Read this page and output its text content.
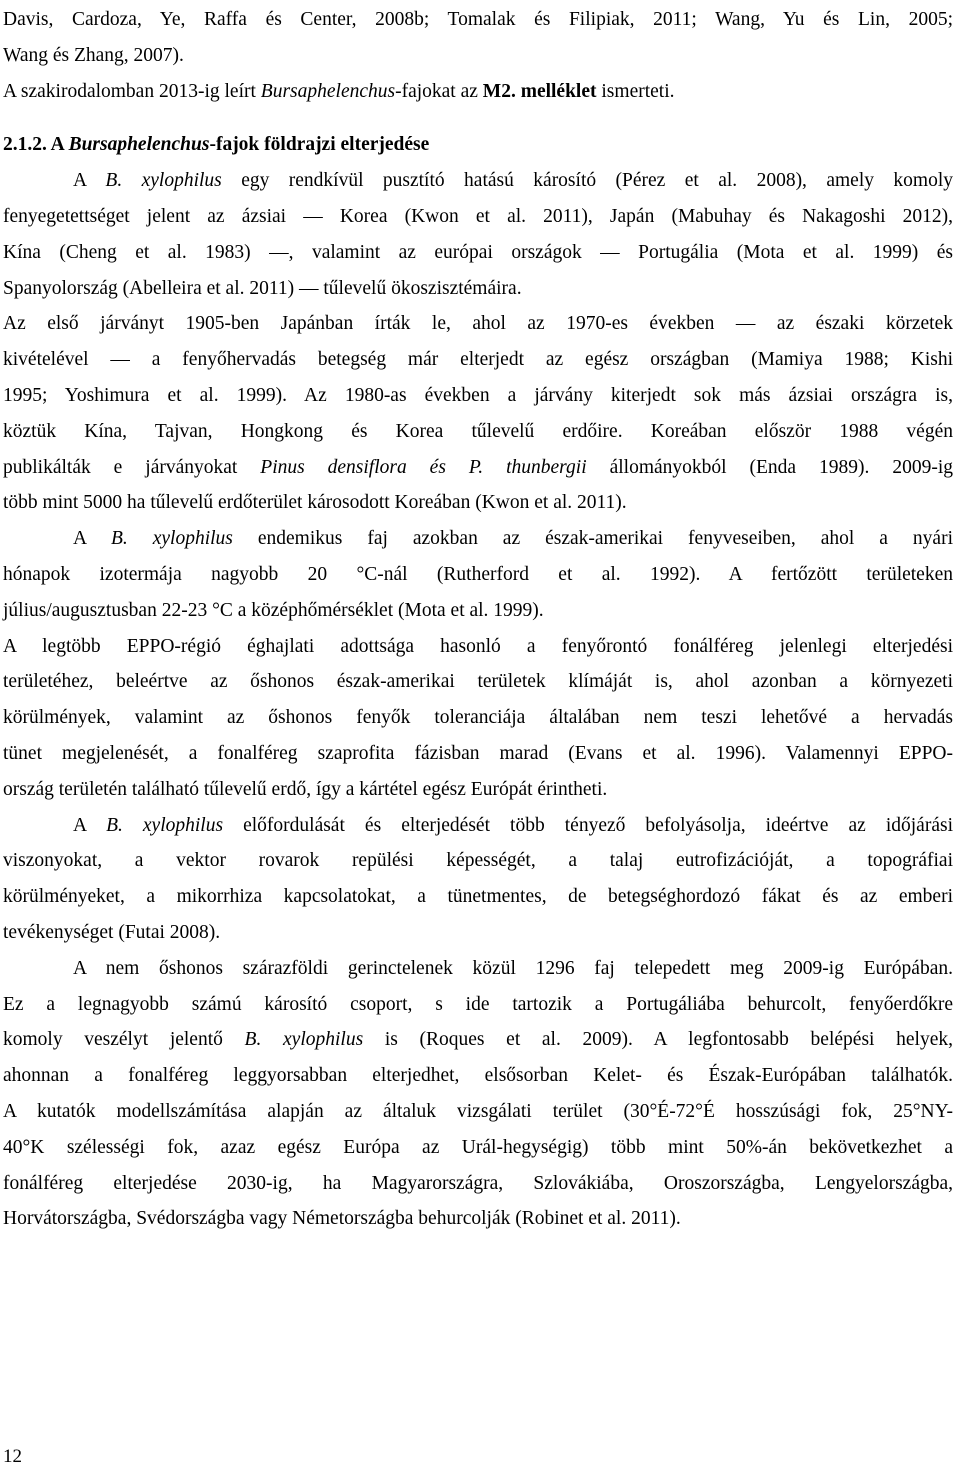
Davis, Cardoza, Ye, Raffa és Center, 2008b; Tomalak és Filipiak, 2011; Wang, Yu és Lin, 2005;
Wang és Zhang, 2007).
A szakirodalomban 2013-ig leírt Bursaphelenchus-fajokat az M2. melléklet ismerteti.
2.1.2. A Bursaphelenchus-fajok földrajzi elterjedése
A B. xylophilus egy rendkívül pusztító hatású károsító (Pérez et al. 2008), amely komoly
fenyegetettséget jelent az ázsiai — Korea (Kwon et al. 2011), Japán (Mabuhay és Nakagoshi 2012),
Kína (Cheng et al. 1983) —, valamint az európai országok — Portugália (Mota et al. 1999) és
Spanyolország (Abelleira et al. 2011) — tűlevelű ökoszisztémáira.
Az első járványt 1905-ben Japánban írták le, ahol az 1970-es években — az északi körzetek
kivételével — a fenyőhervadás betegség már elterjedt az egész országban (Mamiya 1988; Kishi
1995; Yoshimura et al. 1999). Az 1980-as években a járvány kiterjedt sok más ázsiai országra is,
köztük Kína, Tajvan, Hongkong és Korea tűlevelű erdőire. Koreában először 1988 végén
publikálták e járványokat Pinus densiflora és P. thunbergii állományokból (Enda 1989). 2009-ig
több mint 5000 ha tűlevelű erdőterület károsodott Koreában (Kwon et al. 2011).
A B. xylophilus endemikus faj azokban az észak-amerikai fenyveseiben, ahol a nyári
hónapok izotermája nagyobb 20 °C-nál (Rutherford et al. 1992). A fertőzött területeken
július/augusztusban 22-23 °C a középhőmérséklet (Mota et al. 1999).
A legtöbb EPPO-régió éghajlati adottsága hasonló a fenyőrontó fonálféreg jelenlegi elterjedési
területéhez, beleértve az őshonos észak-amerikai területek klímáját is, ahol azonban a környezeti
körülmények, valamint az őshonos fenyők toleranciája általában nem teszi lehetővé a hervadás
tünet megjelenését, a fonalféreg szaprofita fázisban marad (Evans et al. 1996). Valamennyi EPPO-
ország területén található tűlevelű erdő, így a kártétel egész Európát érintheti.
A B. xylophilus előfordulását és elterjedését több tényező befolyásolja, ideértve az időjárási
viszonyokat, a vektor rovarok repülési képességét, a talaj eutrofizációját, a topográfiai
körülményeket, a mikorrhiza kapcsolatokat, a tünetmentes, de betegséghordozó fákat és az emberi
tevékenységet (Futai 2008).
A nem őshonos szárazföldi gerinctelenek közül 1296 faj telepedett meg 2009-ig Európában.
Ez a legnagyobb számú károsító csoport, s ide tartozik a Portugáliába behurcolt, fenyőerdőkre
komoly veszélyt jelentő B. xylophilus is (Roques et al. 2009). A legfontosabb belépési helyek,
ahonnan a fonalféreg leggyorsabban elterjedhet, elsősorban Kelet- és Észak-Európában találhatók.
A kutatók modellszámítása alapján az általuk vizsgálati terület (30°É-72°É hosszúsági fok, 25°NY-
40°K szélességi fok, azaz egész Európa az Urál-hegységig) több mint 50%-án bekövetkezhet a
fonálféreg elterjedése 2030-ig, ha Magyarországra, Szlovákiába, Oroszországba, Lengyelországba,
Horvátországba, Svédországba vagy Németországba behurcolják (Robinet et al. 2011).
12
